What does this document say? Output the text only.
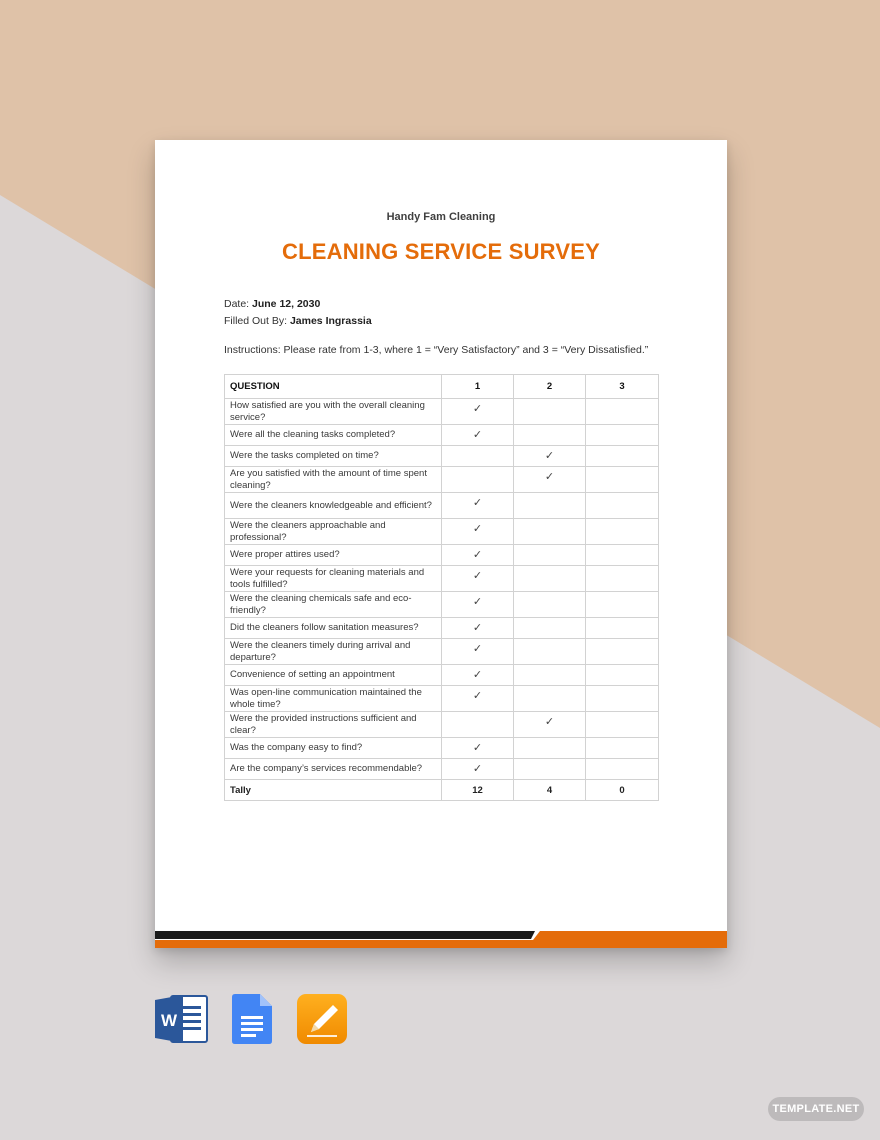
Handy Fam Cleaning
CLEANING SERVICE SURVEY
Date: June 12, 2030
Filled Out By: James Ingrassia
Instructions: Please rate from 1-3, where 1 = “Very Satisfactory” and 3 = “Very Dissatisfied.”
QUESTION	1	2	3
How satisfied are you with the overall cleaning service?	✓		
Were all the cleaning tasks completed?	✓		
Were the tasks completed on time?		✓	
Are you satisfied with the amount of time spent cleaning?		✓	
Were the cleaners knowledgeable and efficient?	✓		
Were the cleaners approachable and professional?	✓		
Were proper attires used?	✓		
Were your requests for cleaning materials and tools fulfilled?	✓		
Were the cleaning chemicals safe and eco-friendly?	✓		
Did the cleaners follow sanitation measures?	✓		
Were the cleaners timely during arrival and departure?	✓		
Convenience of setting an appointment	✓		
Was open-line communication maintained the whole time?	✓		
Were the provided instructions sufficient and clear?		✓	
Was the company easy to find?	✓		
Are the company’s services recommendable?	✓		
Tally	12	4	0
W
TEMPLATE.NET
